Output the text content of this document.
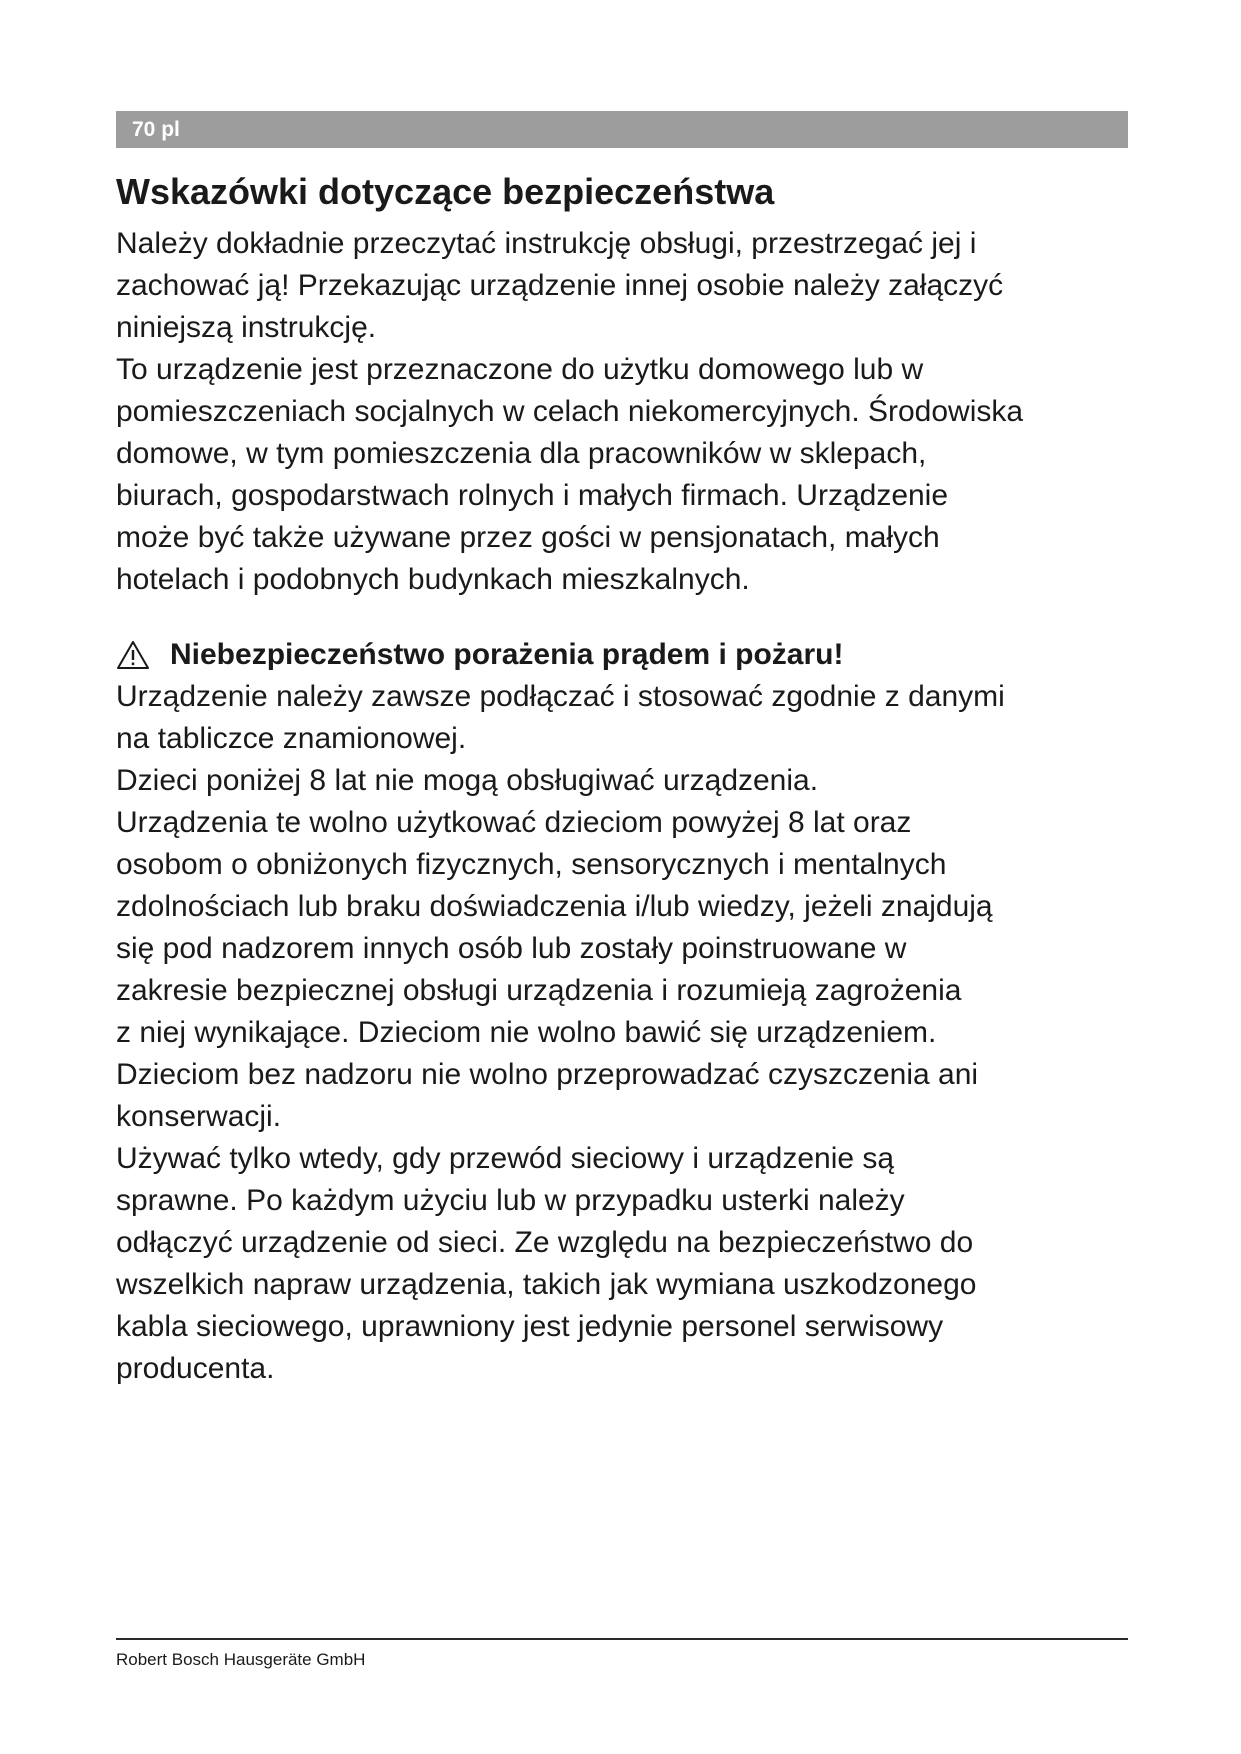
70 pl
Wskazówki dotyczące bezpieczeństwa
Należy dokładnie przeczytać instrukcję obsługi, przestrzegać jej i
zachować ją! Przekazując urządzenie innej osobie należy załączyć
niniejszą instrukcję.
To urządzenie jest przeznaczone do użytku domowego lub w
pomieszczeniach socjalnych w celach niekomercyjnych. Środowiska
domowe, w tym pomieszczenia dla pracowników w sklepach,
biurach, gospodarstwach rolnych i małych firmach. Urządzenie
może być także używane przez gości w pensjonatach, małych
hotelach i podobnych budynkach mieszkalnych.
Niebezpieczeństwo porażenia prądem i pożaru!
Urządzenie należy zawsze podłączać i stosować zgodnie z danymi
na tabliczce znamionowej.
Dzieci poniżej 8 lat nie mogą obsługiwać urządzenia.
Urządzenia te wolno użytkować dzieciom powyżej 8 lat oraz
osobom o obniżonych fizycznych, sensorycznych i mentalnych
zdolnościach lub braku doświadczenia i/lub wiedzy, jeżeli znajdują
się pod nadzorem innych osób lub zostały poinstruowane w
zakresie bezpiecznej obsługi urządzenia i rozumieją zagrożenia
z niej wynikające. Dzieciom nie wolno bawić się urządzeniem.
Dzieciom bez nadzoru nie wolno przeprowadzać czyszczenia ani
konserwacji.
Używać tylko wtedy, gdy przewód sieciowy i urządzenie są
sprawne. Po każdym użyciu lub w przypadku usterki należy
odłączyć urządzenie od sieci. Ze względu na bezpieczeństwo do
wszelkich napraw urządzenia, takich jak wymiana uszkodzonego
kabla sieciowego, uprawniony jest jedynie personel serwisowy
producenta.
Robert Bosch Hausgeräte GmbH
